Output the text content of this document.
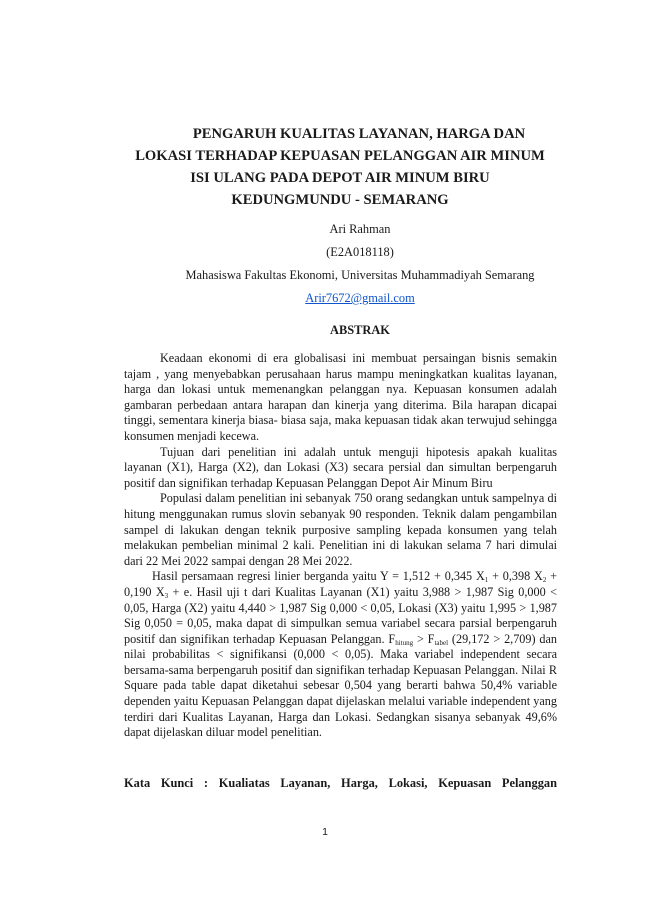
PENGARUH KUALITAS LAYANAN, HARGA DAN
LOKASI TERHADAP KEPUASAN PELANGGAN AIR MINUM
ISI ULANG PADA DEPOT AIR MINUM BIRU
KEDUNGMUNDU - SEMARANG
Ari Rahman
(E2A018118)
Mahasiswa Fakultas Ekonomi, Universitas Muhammadiyah Semarang
Arir7672@gmail.com
ABSTRAK

Keadaan ekonomi di era globalisasi ini membuat persaingan bisnis semakin tajam , yang menyebabkan perusahaan harus mampu meningkatkan kualitas layanan, harga dan lokasi untuk memenangkan pelanggan nya. Kepuasan konsumen adalah gambaran perbedaan antara harapan dan kinerja yang diterima. Bila harapan dicapai tinggi, sementara kinerja biasa- biasa saja, maka kepuasan tidak akan terwujud sehingga konsumen menjadi kecewa.

Tujuan dari penelitian ini adalah untuk menguji hipotesis apakah kualitas layanan (X1), Harga (X2), dan Lokasi (X3) secara persial dan simultan berpengaruh positif dan signifikan terhadap Kepuasan Pelanggan Depot Air Minum Biru

Populasi dalam penelitian ini sebanyak 750 orang sedangkan untuk sampelnya di hitung menggunakan rumus slovin sebanyak 90 responden. Teknik dalam pengambilan sampel di lakukan dengan teknik purposive sampling kepada konsumen yang telah melakukan pembelian minimal 2 kali. Penelitian ini di lakukan selama 7 hari dimulai dari 22 Mei 2022 sampai dengan 28 Mei 2022.

Hasil persamaan regresi linier berganda yaitu Y = 1,512 + 0,345 $X_1 + 0,398$ $X_2 + 0,190$ $X_3 + e$. Hasil uji t dari Kualitas Layanan (X1) yaitu 3,988 > 1,987 Sig 0,000 < 0,05, Harga (X2) yaitu 4,440 > 1,987 Sig 0,000 < 0,05, Lokasi (X3) yaitu 1,995 > 1,987 Sig 0,050 = 0,05, maka dapat di simpulkan semua variabel secara parsial berpengaruh positif dan signifikan terhadap Kepuasan Pelanggan. $F_{hitung} > F_{tabel}$ (29,172 > 2,709) dan nilai probabilitas < signifikansi (0,000 < 0,05). Maka variabel independent secara bersama-sama berpengaruh positif dan signifikan terhadap Kepuasan Pelanggan. Nilai R Square pada table dapat diketahui sebesar 0,504 yang berarti bahwa 50,4% variable dependen yaitu Kepuasan Pelanggan dapat dijelaskan melalui variable independent yang terdiri dari Kualitas Layanan, Harga dan Lokasi. Sedangkan sisanya sebanyak 49,6% dapat dijelaskan diluar model penelitian.

Kata Kunci : Kualiatas Layanan, Harga, Lokasi, Kepuasan Pelanggan
1
